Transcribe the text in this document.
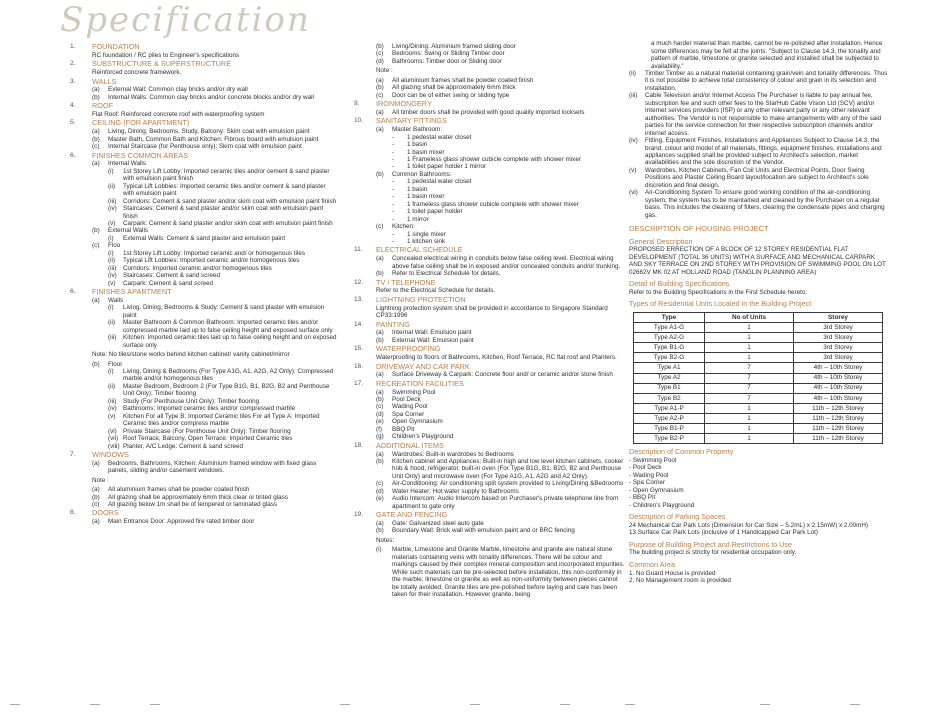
Specification
1.	FOUNDATION
RC foundation / RC piles to Engineer's specifications
2.	SUBSTRUCTURE & SUPERSTRUCTURE
Reinforced concrete framework.
3.	WALLS
(a)	External Wall: Common clay bricks and/or dry wall
(b)	Internal Walls: Common clay bricks and/or concrete blocks and/or dry wall
4.	ROOF
Flat Roof: Reinforced concrete roof with waterproofing system
5.	CEILING (FOR APARTMENT)
(a)	Living, Dining, Bedrooms, Study, Balcony: Skim coat with emulsion paint
(b)	Master Bath, Common Bath and Kitchen: Fibrous board with emulsion paint
(c)	Internal Staircase (for Penthouse only): Skim coat with emulsion paint
6.	FINISHES COMMON AREAS
(a)	Internal Walls
(i)	1st Storey Lift Lobby: Imported ceramic tiles and/or cement & sand plaster with emulsion paint finish
(ii)	Typical Lift Lobbies: Imported ceramic tiles and/or cement & sand plaster with emulsion paint
(iii)	Corridors: Cement & sand plaster and/or skim coat with emulsion paint finish
(iv) Staircases: Cement & sand plaster and/or skim coat with emulsion paint finish
(v)	Carpark: Cement & sand plaster and/or skim coat with emulsion paint finish
(b)	External Walls
(i)	External Walls: Cement & sand plaster and emulsion paint
(c)	Floo
(i)	1st Storey Lift Lobby: Imported ceramic and/ or homogenous tiles
(ii)	Typical Lift Lobbies: Imported ceramic and/or homogenous tiles
(iii)	Corridors: Imported ceramic and/or homogenous tiles
(iv) Staircases: Cement & sand screed
(v)	Carpark: Cement & sand screed
6.	FINISHES APARTMENT
(a)	Walls
(i)	Living, Dining, Bedrooms & Study: Cement & sand plaster with emulsion paint
(ii)	Master Bathroom & Common Bathroom: Imported ceramic tiles and/or compressed marble laid up to false ceiling height and exposed surface only
(iii)	Kitchen: Imported ceramic tiles laid up to false ceiling height and on exposed surface only
Note: No tiles/stone works behind kitchen cabinet/ vanity cabinet/mirror
(b)	Floor
(i)	Living, Dining & Bedrooms (For Type A1G, A1, A2G, A2 Only): Compressed marble and/or homogenous tiles
(ii)	Master Bedroom, Bedroom 2 (For Type B1G, B1, B2G, B2 and Penthouse Unit Only): Timber flooring
(iii)	Study (For Penthouse Unit Only): Timber flooring
(iv) Bathrooms: Imported ceramic tiles and/or compressed marble
(v)	Kitchen For all Type B: Imported Ceramic tiles For all Type A: Imported Ceramic tiles and/or compress marble
(vi) Private Staircase (For Penthouse Unit Only): Timber flooring
(vii) Roof Terrace, Balcony, Open Terrace: Imported Ceramic tiles
(viii) Planter, A/C Ledge: Cement & sand screed
7.	WINDOWS
(a)	Bedrooms, Bathrooms, Kitchen: Aluminium framed window with fixed glass panels, sliding and/or casement windows.
Note :
(a)	All aluminium frames shall be powder coated finish
(b)	All glazing shall be approximately 6mm thick clear or tinted glass
(c)	All glazing below 1m shall be of tempered or laminated glass
8.	DOORS
(a)	Main Entrance Door: Approved fire rated timber door
(b)	Living/Dining: Aluminium framed sliding door
(c)	Bedrooms: Swing or Sliding Timber door
(d)	Bathrooms: Timber door or Sliding door
Note :
(a)	All aluminium frames shall be powder coated finish
(b)	All glazing shall be approximately 6mm thick
(c)	Door can be of either swing or sliding type
9.	IRONMONGERY
(a)	All timber doors shall be provided with good quality imported locksets
10.	SANITARY FITTINGS
(a)	Master Bathroom:
-	1 pedestal water closet
-	1 basin
-	1 basin mixer
-	1 Frameless glass shower cubicle complete with shower mixer
-	1 toilet paper holder 1 mirror
(b)	Common Bathrooms:
-	1 pedestal water closet
-	1 basin
-	1 basin mixer
-	1 frameless glass shower cubicle complete with shower mixer
-	1 toilet paper holder
-	1 mirror
(c)	Kitchen:
-	1 single mixer
-	1 kitchen sink
11.	ELECTRICAL SCHEDULE
(a)	Concealed electrical wiring in conduits below false ceiling level. Electrical wiring above false ceiling shall be in exposed and/or concealed conduits and/or trunking.
(b)	Refer to Electrical Schedule for details.
12.	TV / TELEPHONE
Refer to the Electrical Schedule for details.
13.	LIGHTNING PROTECTION
Lightning protection system shall be provided in accordance to Singapore Standard CP33:1996
14.	PAINTING
(a)	Internal Wall: Emulsion paint
(b)	External Wall: Emulsion paint
15.	WATERPROOFING
Waterproofing to floors of Bathrooms, Kitchen, Roof Terrace, RC flat roof and Planters.
16.	DRIVEWAY AND CAR PARK
(a)	Surface Driveway & Carpark: Concrete floor and/ or ceramic and/or stone finish
17.	RECREATION FACILITIES
(a)	Swimming Pool
(b)	Pool Deck
(c)	Wading Pool
(d)	Spa Corner
(e)	Open Gymnasium
(f)	BBQ Pit
(g)	Children's Playground
18.	ADDITIONAL ITEMS
(a)	Wardrobes: Built-in wardrobes to Bedrooms
(b)	Kitchen cabinet and Appliances: Built-in high and low level kitchen cabinets, cooker hob & hood, refrigerator, built-in oven (For Type B1G, B1, B2G, B2 and Penthouse Unit Only) and microwave oven (For Type A1G, A1, A2G and A2 Only).
(c)	Air-Conditioning: Air conditioning split system provided to Living/Dining &Bedrooms
(d)	Water Heater: Hot water supply to Bathrooms
(e)	Audio Intercom: Audio Intercom based on Purchaser's private telephone line from apartment to gate only
19.	GATE AND FENCING
(a)	Gate: Galvanized steel auto gate
(b)	Boundary Wall: Brick wall with emulsion paint and or BRC fencing
Notes:
(i)	Marble, Limestone and Granite Marble, limestone and granite are natural stone materials containing veins with tonality differences. There will be colour and markings caused by their complex mineral composition and incorporated impurities. While such materials can be pre-selected before installation, this non-conformity in the marble, limestone or granite as well as non-uniformity between pieces cannot be totally avoided. Granite tiles are pre-polished before laying and care has been taken for their installation. However granite, being
a much harder material than marble, cannot be re-polished after installation. Hence some differences may be felt at the joints. "Subject to Clause 14.3, the tonality and pattern of marble, limestone or granite selected and installed shall be subjected to availability."
(ii)	Timber Timber as a natural material containing grain/vein and tonality differences. Thus it is not possible to achieve total consistency of colour and grain in its selection and installation.
(iii)	Cable Television and/or Internet Access The Purchaser is liable to pay annual fee, subscription fee and such other fees to the StarHub Cable Vision Ltd (SCV) and/or Internet services providers (ISP) or any other relevant party or any other relevant authorities. The Vendor is not responsible to make arrangements with any of the said parties for the service connection for their respective subscription channels and/or internet access.
(iv)	Fitting, Equipment Finishes, Installations and Appliances Subject to Clause 14.3, the brand, colour and model of all materials, fittings, equipment finishes, installations and appliances supplied shall be provided subject to Architect's selection, market availabilities and the sole discretion of the Vendor.
(v)	Wardrobes, Kitchen Cabinets, Fan Coil Units and Electrical Points, Door Swing Positions and Plaster Ceiling Board layout/location are subject to Architect's sole discretion and final design.
(vi)	Air-Conditioning System To ensure good working condition of the air-conditioning system, the system has to be maintained and cleaned by the Purchaser on a regular basis. This includes the cleaning of filters, clearing the condensate pipes and charging gas.
DESCRIPTION OF HOUSING PROJECT
General Description
PROPOSED ERRECTION OF A BLOCK OF 12 STOREY RESIDENTIAL FLAT DEVELOPMENT (TOTAL 36 UNITS) WITH A SURFACE AND MECHANICAL CARPARK AND SKY TERRACE ON 2ND STOREY WITH PROVISION OF SWIMMING POOL ON LOT 02662V MK 02 AT HOLLAND ROAD (TANGLIN PLANNING AREA)
Detail of Building Specifications
Refer to the Building Specifications in the First Schedule hereto.
Types of Residential Units Located in the Building Project
Type	No of Units	Storey
Type A1-G	1	3rd Storey
Type A2-G	1	3rd Storey
Type B1-G	1	3rd Storey
Type B2-G	1	3rd Storey
Type A1	7	4th – 10th Storey
Type A2	7	4th – 10th Storey
Type B1	7	4th – 10th Storey
Type B2	7	4th – 10th Storey
Type A1-P	1	11th – 12th Storey
Type A2-P	1	11th – 12th Storey
Type B1-P	1	11th – 12th Storey
Type B2-P	1	11th – 12th Storey
Description of Common Property
- Swimming Pool
- Pool Deck
- Wading Pool
- Spa Corner
- Open Gymnasium
- BBQ Pit
- Children's Playground
Description of Parking Spaces
24 Mechanical Car Park Lots (Dimension for Car Size – 5.2mL) x 2.15mW) x 2.00mH)
13 Surface Car Park Lots (inclusive of 1 Handicapped Car Park Lot)
Purpose of Building Project and Restrictions to Use
The building project is strictly for residential occupation only.
Common Area
1. No Guard House is provided
2. No Management room is provided
